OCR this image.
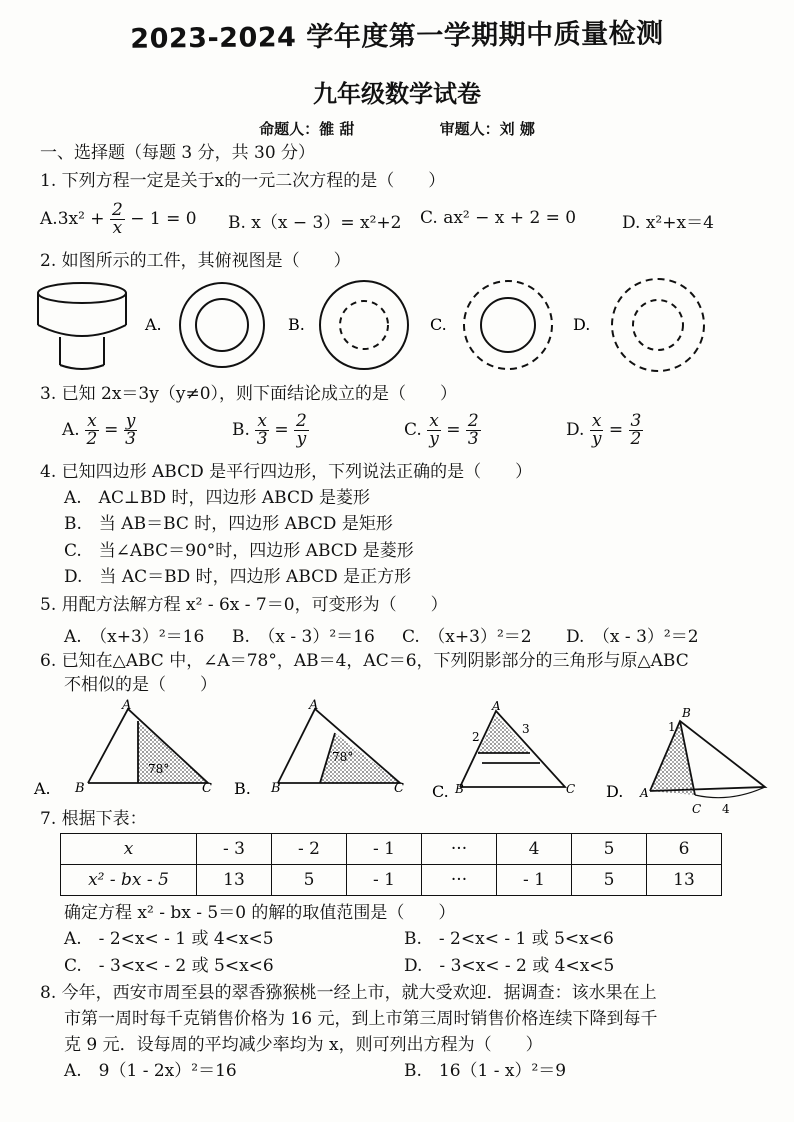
2023-2024 学年度第一学期期中质量检测
九年级数学试卷
命题人：雒 甜	审题人：刘 娜
一、选择题（每题 3 分，共 30 分）
1. 下列方程一定是关于x的一元二次方程的是（　　）
$A.3x^2 + \frac{2}{x} - 1 = 0$ B. x（x − 3）= x²+2 C. ax² − x + 2 = 0	D. x²+x＝4
2. 如图所示的工件，其俯视图是（　　）
A.	B.	C.	D.
3. 已知 2x＝3y（y≠0），则下面结论成立的是（　　）
A. $\frac{x}{2} = \frac{y}{3}$	B. $\frac{x}{3} = \frac{2}{y}$	C. $\frac{x}{y} = \frac{2}{3}$	D. $\frac{x}{y} = \frac{3}{2}$
4. 已知四边形 ABCD 是平行四边形，下列说法正确的是（　　）
A.　AC⊥BD 时，四边形 ABCD 是菱形
B.　当 AB＝BC 时，四边形 ABCD 是矩形
C.　当∠ABC＝90°时，四边形 ABCD 是菱形
D.　当 AC＝BD 时，四边形 ABCD 是正方形
5. 用配方法解方程 x² - 6x - 7＝0，可变形为（　　）
A.　（x+3）²＝16 B.　（x - 3）²＝16 C.　（x+3）²＝2 D.　（x - 3）²＝2
6. 已知在△ABC 中，∠A＝78°，AB＝4，AC＝6，下列阴影部分的三角形与原△ABC
不相似的是（　　）
A
B	C
78°
A.
A
B	C
78°
B.
A
B	C
2
3
C.
B
A
C
1
4
D.
7. 根据下表：
x	- 3	- 2	- 1	···	4	5	6
x² - bx - 5	13	5	- 1	···	- 1	5	13
确定方程 x² - bx - 5＝0 的解的取值范围是（　　）
A.　- 2<x< - 1 或 4<x<5	B.　- 2<x< - 1 或 5<x<6
C.　- 3<x< - 2 或 5<x<6	D.　- 3<x< - 2 或 4<x<5
8. 今年，西安市周至县的翠香猕猴桃一经上市，就大受欢迎．据调查：该水果在上
市第一周时每千克销售价格为 16 元，到上市第三周时销售价格连续下降到每千
克 9 元．设每周的平均减少率均为 x，则可列出方程为（　　）
A.　9（1 - 2x）²＝16	B.　16（1 - x）²＝9
